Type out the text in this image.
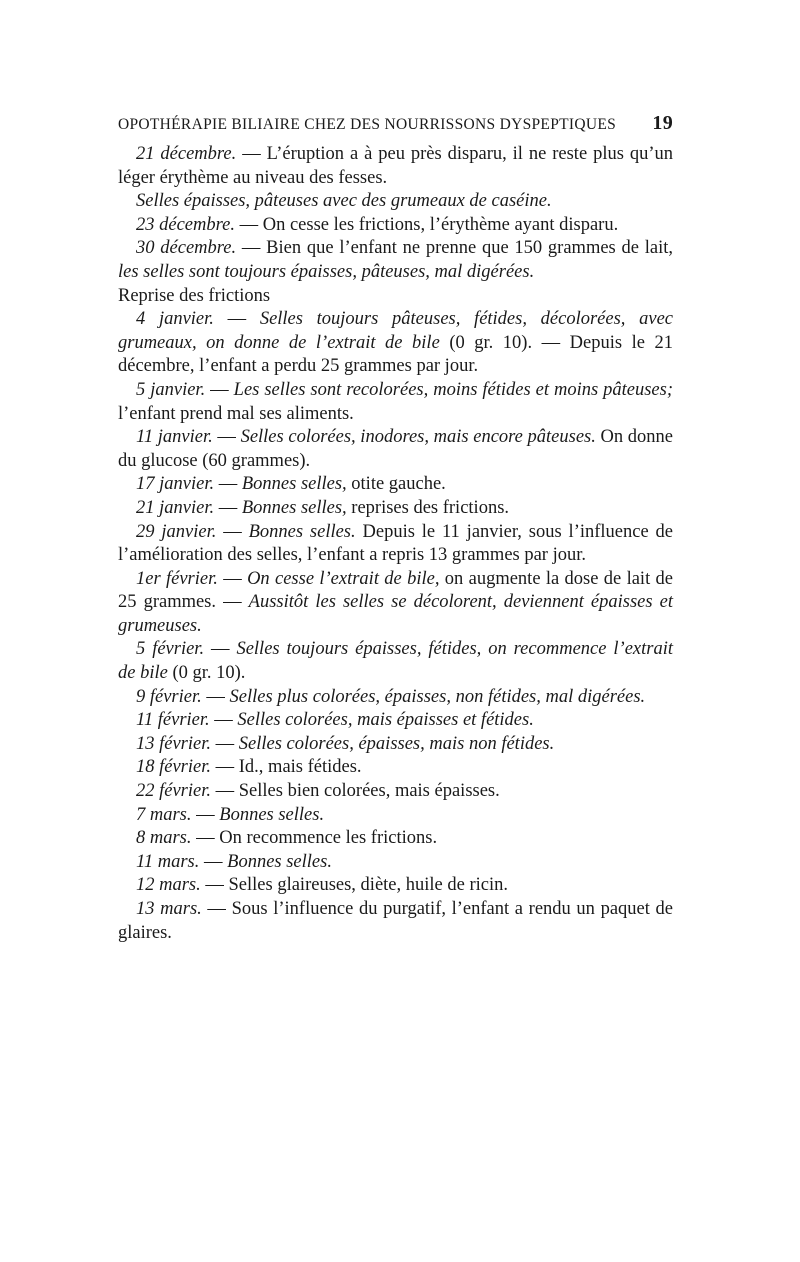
OPOTHÉRAPIE BILIAIRE CHEZ DES NOURRISSONS DYSPEPTIQUES 19

21 décembre. — L’éruption a à peu près disparu, il ne reste plus qu’un léger érythème au niveau des fesses.

Selles épaisses, pâteuses avec des grumeaux de caséine.

23 décembre. — On cesse les frictions, l’érythème ayant disparu.

30 décembre. — Bien que l’enfant ne prenne que 150 grammes de lait, les selles sont toujours épaisses, pâteuses, mal digérées.

Reprise des frictions

4 janvier. — Selles toujours pâteuses, fétides, décolorées, avec grumeaux, on donne de l’extrait de bile (0 gr. 10). — Depuis le 21 décembre, l’enfant a perdu 25 grammes par jour.

5 janvier. — Les selles sont recolorées, moins fétides et moins pâteuses; l’enfant prend mal ses aliments.

11 janvier. — Selles colorées, inodores, mais encore pâteuses. On donne du glucose (60 grammes).

17 janvier. — Bonnes selles, otite gauche.

21 janvier. — Bonnes selles, reprises des frictions.

29 janvier. — Bonnes selles. Depuis le 11 janvier, sous l’influence de l’amélioration des selles, l’enfant a repris 13 grammes par jour.

1er février. — On cesse l’extrait de bile, on augmente la dose de lait de 25 grammes. — Aussitôt les selles se décolorent, deviennent épaisses et grumeuses.

5 février. — Selles toujours épaisses, fétides, on recommence l’extrait de bile (0 gr. 10).

9 février. — Selles plus colorées, épaisses, non fétides, mal digérées.

11 février. — Selles colorées, mais épaisses et fétides.

13 février. — Selles colorées, épaisses, mais non fétides.

18 février. — Id., mais fétides.

22 février. — Selles bien colorées, mais épaisses.

7 mars. — Bonnes selles.

8 mars. — On recommence les frictions.

11 mars. — Bonnes selles.

12 mars. — Selles glaireuses, diète, huile de ricin.

13 mars. — Sous l’influence du purgatif, l’enfant a rendu un paquet de glaires.
